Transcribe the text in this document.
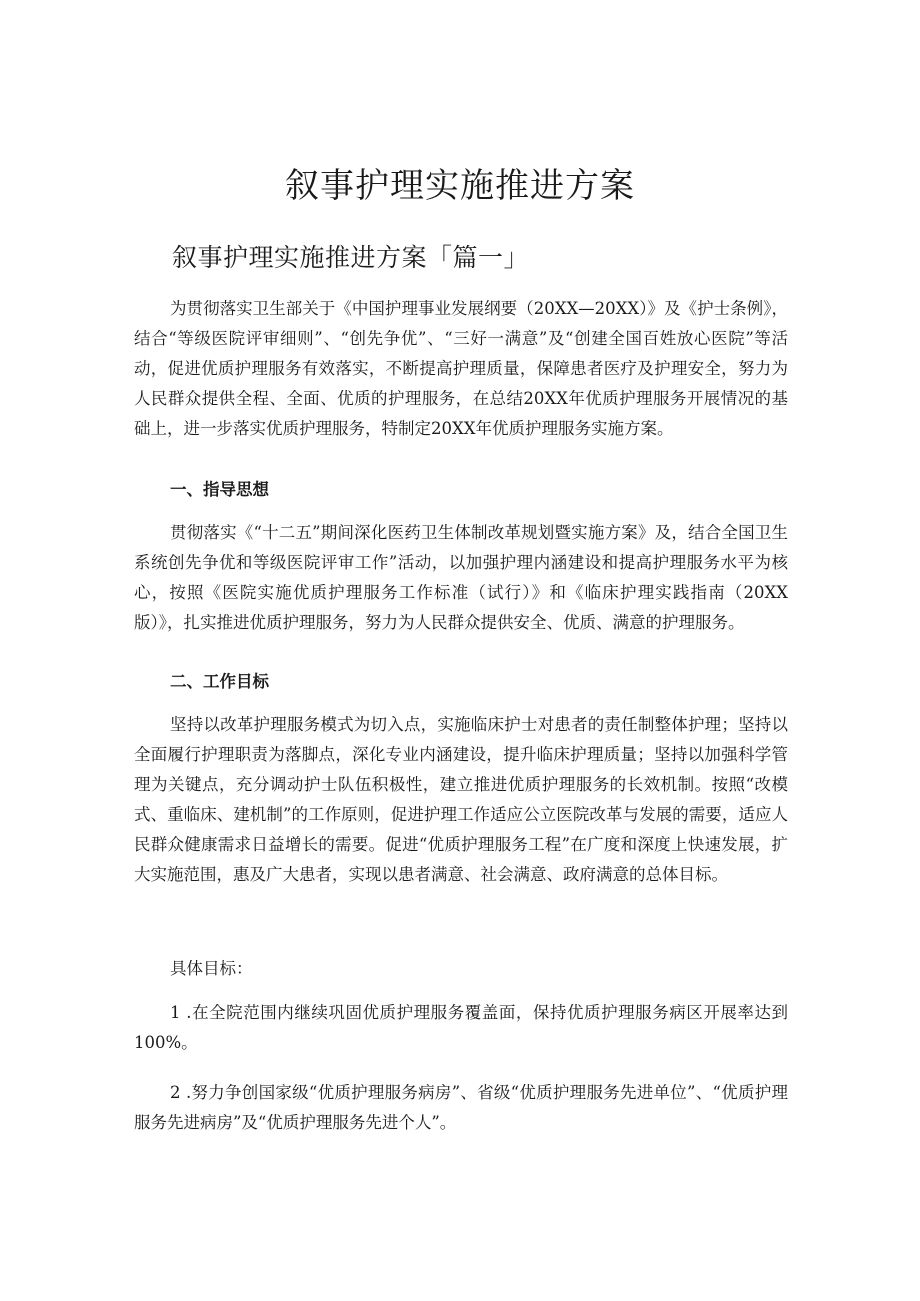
叙事护理实施推进方案
叙事护理实施推进方案「篇一」

为贯彻落实卫生部关于《中国护理事业发展纲要（20XX—20XX）》及《护士条例》，结合“等级医院评审细则”、“创先争优”、“三好一满意”及“创建全国百姓放心医院”等活动，促进优质护理服务有效落实，不断提高护理质量，保障患者医疗及护理安全，努力为人民群众提供全程、全面、优质的护理服务，在总结20XX年优质护理服务开展情况的基础上，进一步落实优质护理服务，特制定20XX年优质护理服务实施方案。

一、指导思想

贯彻落实《“十二五”期间深化医药卫生体制改革规划暨实施方案》及，结合全国卫生系统创先争优和等级医院评审工作”活动，以加强护理内涵建设和提高护理服务水平为核心，按照《医院实施优质护理服务工作标准（试行）》和《临床护理实践指南（20XX版）》，扎实推进优质护理服务，努力为人民群众提供安全、优质、满意的护理服务。

二、工作目标

坚持以改革护理服务模式为切入点，实施临床护士对患者的责任制整体护理；坚持以全面履行护理职责为落脚点，深化专业内涵建设，提升临床护理质量；坚持以加强科学管理为关键点，充分调动护士队伍积极性，建立推进优质护理服务的长效机制。按照“改模式、重临床、建机制”的工作原则，促进护理工作适应公立医院改革与发展的需要，适应人民群众健康需求日益增长的需要。促进“优质护理服务工程”在广度和深度上快速发展，扩大实施范围，惠及广大患者，实现以患者满意、社会满意、政府满意的总体目标。

具体目标：

1 .在全院范围内继续巩固优质护理服务覆盖面，保持优质护理服务病区开展率达到100%。

2 .努力争创国家级“优质护理服务病房”、省级“优质护理服务先进单位”、“优质护理服务先进病房”及“优质护理服务先进个人”。
